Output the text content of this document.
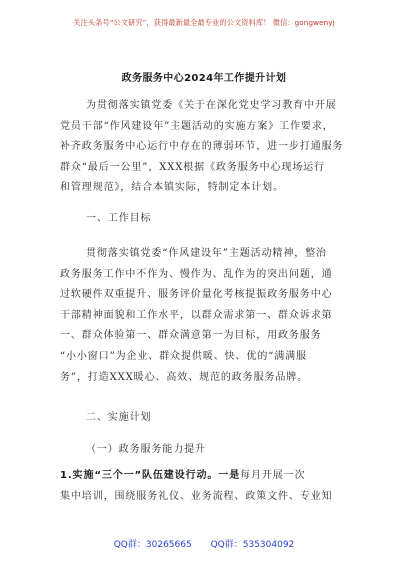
关注头条号“公文研究”，获得最新最全最专业的公文资料库！ 微信：gongwenyj
政务服务中心2024年工作提升计划
为贯彻落实镇党委《关于在深化党史学习教育中开展
党员干部“作风建设年”主题活动的实施方案》工作要求，
补齐政务服务中心运行中存在的薄弱环节，进一步打通服务
群众“最后一公里”，XXX根据《政务服务中心现场运行
和管理规范》，结合本镇实际，特制定本计划。
一、工作目标
贯彻落实镇党委“作风建设年”主题活动精神，整治
政务服务工作中不作为、慢作为、乱作为的突出问题，通
过软硬件双重提升、服务评价量化考核提振政务服务中心
干部精神面貌和工作水平，以群众需求第一、群众诉求第
一、群众体验第一、群众满意第一为目标，用政务服务
“小小窗口”为企业、群众提供暖、快、优的“满满服
务”，打造XXX暖心、高效、规范的政务服务品牌。
二、实施计划
（一）政务服务能力提升
1.实施“三个一”队伍建设行动。一是每月开展一次
集中培训，围绕服务礼仪、业务流程、政策文件、专业知
QQ群：30265665 QQ群：535304092
